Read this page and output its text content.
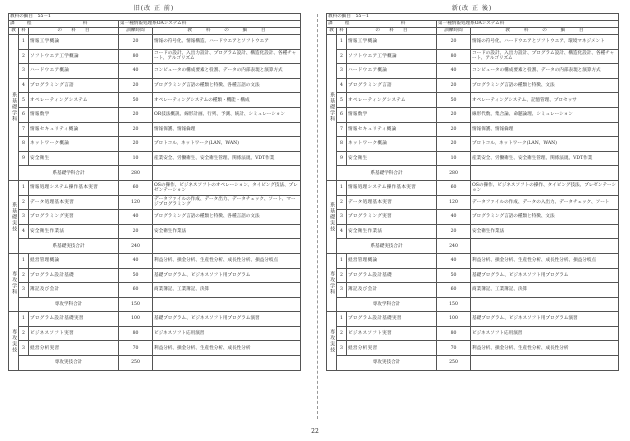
旧(改 正 前)
教科の細目　 55－1				
課　　 程　　　　　　　　　 科			第一種情報処理系OAシステム科	
教	科	の　　 科　　 目	訓練時間	教　　　 科　　　 の　　　 細　　　 目
系基礎学科	1	情報工学概論	20	情報の符号化、情報構造、ハードウエアとソフトウエア
	2	ソフトウエア工学概論	80	コードの設計、入出力設計、プログラム設計、構造化設計、各種チャート、アルゴリズム
	3	ハードウエア概論	40	コンピュータの構成要素と役割、データの内部表現と演算方式
	4	プログラミング言語	20	プログラミング言語の種類と特徴、各種言語の文法
	5	オペレーティングシステム	50	オペレーティングシステムの種類・機能・構成
	6	情報数学	20	OR技法概説、線形計画、行列、予測、統計、シミュレーション
	7	情報セキュリティ概論	20	情報保護、情報倫理
	8	ネットワーク概論	20	プロトコル、ネットワーク(LAN、WAN)
	9	安全衛生	10	産業安全、労働衛生、安全衛生管理、関係法規、VDT作業
	系基礎学科合計		280	
系基礎実技	1	情報処理システム操作基本実習	60	OSの操作、ビジネスソフトのオペレーション、タイピング技法、プレゼンテーション
	2	データ処理基本実習	120	データファイルの作成、データ出力、データチェック、ソート、マージプログラミング
	3	プログラミング実習	40	プログラミング言語の種類と特徴、各種言語の文法
	4	安全衛生作業法	20	安全衛生作業法
	系基礎実技合計		240	
専攻学科	1	経営管理概論	40	利益分析、損金分析、生産性分析、成長性分析、損益分岐点
	2	プログラム設計基礎	50	基礎プログラム、ビジネスソフト用プログラム
	3	簿記及び会計	60	商業簿記、工業簿記、決算
	専攻学科合計		150	
専攻実技	1	プログラム設計基礎実習	100	基礎プログラム、ビジネスソフト用プログラム演習
	2	ビジネスソフト実習	80	ビジネスソフト応用演習
	3	経営分析実習	70	利益分析、損金分析、生産性分析、成長性分析
	専攻実技合計		250	
新(改 正 後)
教科の細目　 55－1				
課　　 程　　　　　　　　　 科			第一種情報処理系OAシステム科	
教	科	の　　 科　　 目	訓練時間	教　　　 科　　　 の　　　 細　　　 目
系基礎学科	1	情報工学概論	20	情報の符号化、ハードウエアとソフトウエア、環境マネジメント
	2	ソフトウエア工学概論	80	コードの設計、入出力設計、プログラム設計、構造化設計、各種チャート、アルゴリズム
	3	ハードウエア概論	40	コンピュータの構成要素と役割、データの内部表現と演算方式
	4	プログラミング言語	20	プログラミング言語の種類と特徴、文法
	5	オペレーティングシステム	50	オペレーティングシステム、記憶管理、プロセッサ
	6	情報数学	20	線形代数、集合論、命題論理、シミュレーション
	7	情報セキュリティ概論	20	情報保護、情報倫理
	8	ネットワーク概論	20	プロトコル、ネットワーク(LAN、WAN)
	9	安全衛生	10	産業安全、労働衛生、安全衛生管理、関係法規、VDT作業
	系基礎学科合計		280	
系基礎実技	1	情報処理システム操作基本実習	60	OSの操作、ビジネスソフトの操作、タイピング技法、プレゼンテーション
	2	データ処理基本実習	120	データファイルの作成、データの入出力、データチェック、ソート
	3	プログラミング実習	40	プログラミング言語の種類と特徴、文法
	4	安全衛生作業法	20	安全衛生作業法
	系基礎実技合計		240	
専攻学科	1	経営管理概論	40	利益分析、損金分析、生産性分析、成長性分析、損益分岐点
	2	プログラム設計基礎	50	基礎プログラム、ビジネスソフト用プログラム
	3	簿記及び会計	60	商業簿記、工業簿記、決算
	専攻学科合計		150	
専攻実技	1	プログラム設計基礎実習	100	基礎プログラム、ビジネスソフト用プログラム演習
	2	ビジネスソフト実習	80	ビジネスソフト応用演習
	3	経営分析実習	70	利益分析、損金分析、生産性分析、成長性分析
	専攻実技合計		250	
22
